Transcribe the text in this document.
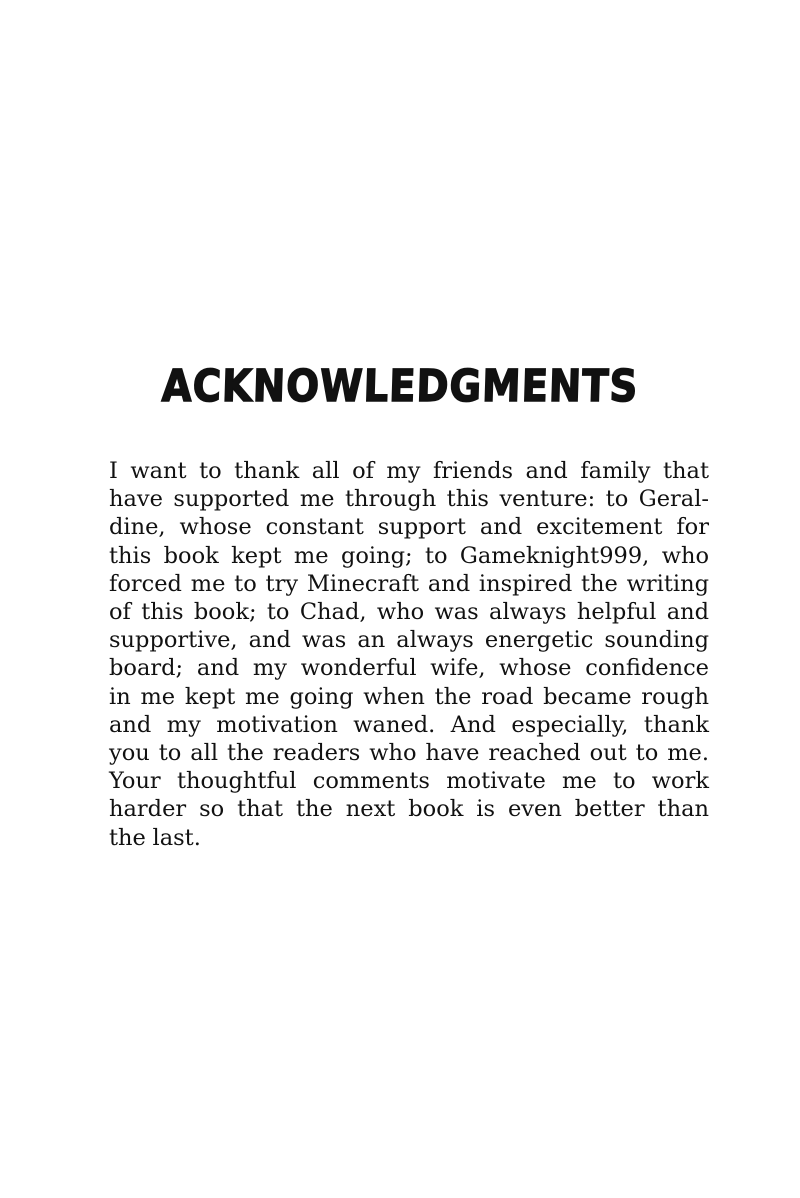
ACKNOWLEDGMENTS
I want to thank all of my friends and family that
have supported me through this venture: to Geral-
dine, whose constant support and excitement for
this book kept me going; to Gameknight999, who
forced me to try Minecraft and inspired the writing
of this book; to Chad, who was always helpful and
supportive, and was an always energetic sounding
board; and my wonderful wife, whose confidence
in me kept me going when the road became rough
and my motivation waned. And especially, thank
you to all the readers who have reached out to me.
Your thoughtful comments motivate me to work
harder so that the next book is even better than
the last.
